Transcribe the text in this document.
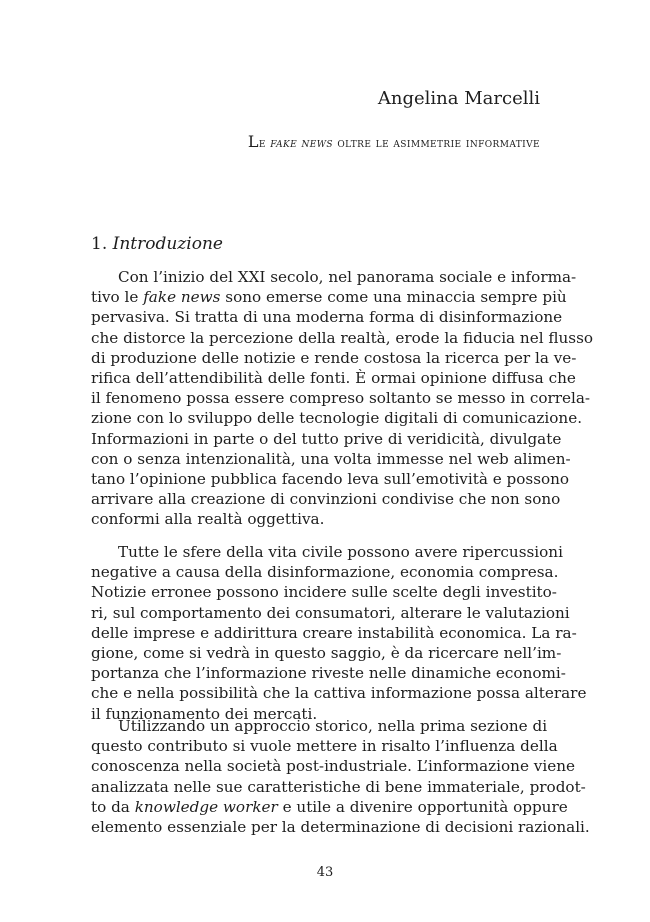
Angelina Marcelli

Le fake news oltre le asimmetrie informative

1. Introduzione

Con l’inizio del XXI secolo, nel panorama sociale e informa-
tivo le fake news sono emerse come una minaccia sempre più
pervasiva. Si tratta di una moderna forma di disinformazione
che distorce la percezione della realtà, erode la fiducia nel flusso
di produzione delle notizie e rende costosa la ricerca per la ve-
rifica dell’attendibilità delle fonti. È ormai opinione diffusa che
il fenomeno possa essere compreso soltanto se messo in correla-
zione con lo sviluppo delle tecnologie digitali di comunicazione.
Informazioni in parte o del tutto prive di veridicità, divulgate
con o senza intenzionalità, una volta immesse nel web alimen-
tano l’opinione pubblica facendo leva sull’emotività e possono
arrivare alla creazione di convinzioni condivise che non sono
conformi alla realtà oggettiva.
Tutte le sfere della vita civile possono avere ripercussioni
negative a causa della disinformazione, economia compresa.
Notizie erronee possono incidere sulle scelte degli investito-
ri, sul comportamento dei consumatori, alterare le valutazioni
delle imprese e addirittura creare instabilità economica. La ra-
gione, come si vedrà in questo saggio, è da ricercare nell’im-
portanza che l’informazione riveste nelle dinamiche economi-
che e nella possibilità che la cattiva informazione possa alterare
il funzionamento dei mercati.
Utilizzando un approccio storico, nella prima sezione di
questo contributo si vuole mettere in risalto l’influenza della
conoscenza nella società post-industriale. L’informazione viene
analizzata nelle sue caratteristiche di bene immateriale, prodot-
to da knowledge worker e utile a divenire opportunità oppure
elemento essenziale per la determinazione di decisioni razionali.

43
